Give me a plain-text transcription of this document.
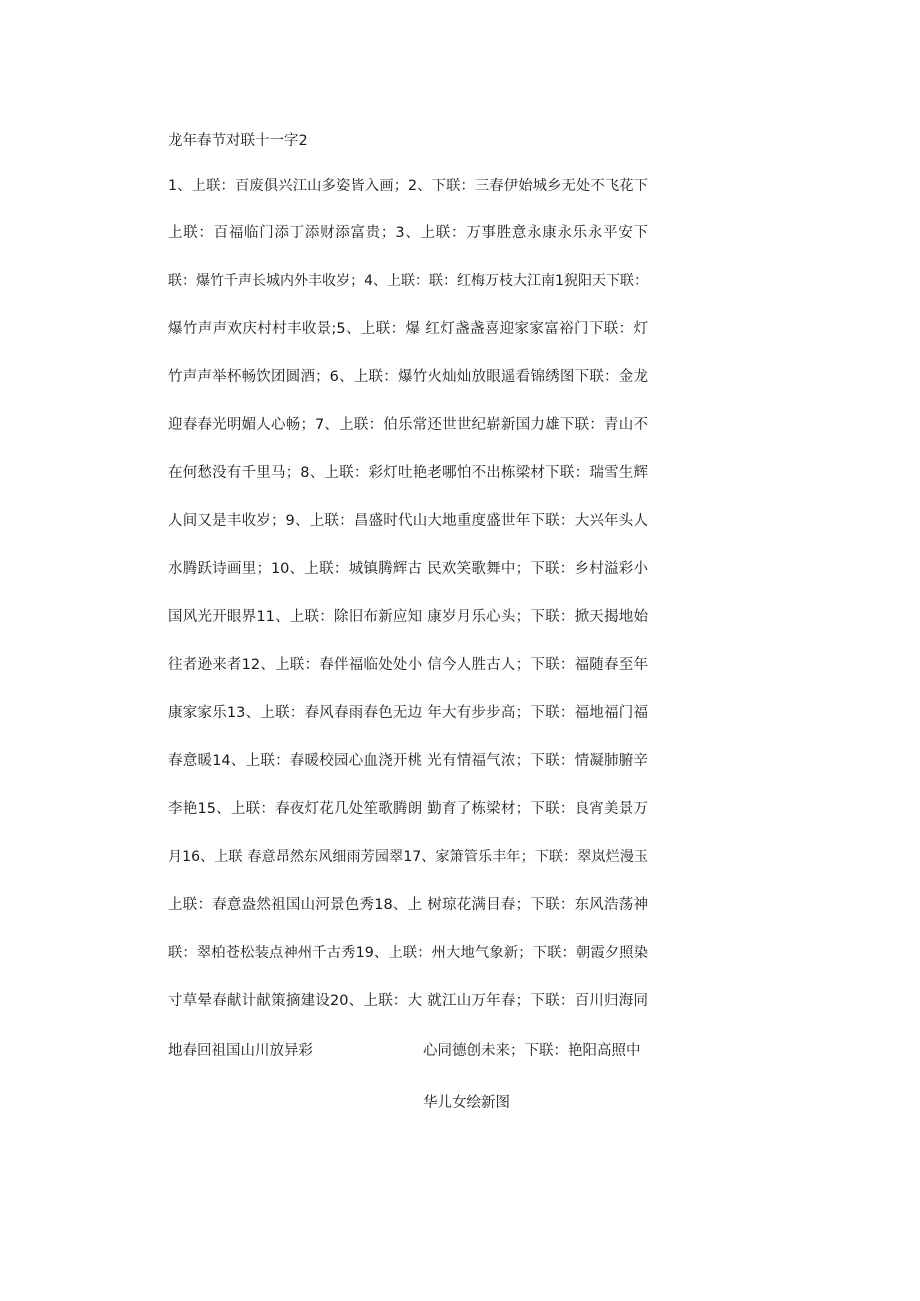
龙年春节对联十一字2
1、上联：百废俱兴江山多姿皆入画；2、下联：三春伊始城乡无处不飞花下
上联：百福临门添丁添财添富贵；3、上联：万事胜意永康永乐永平安下
联：爆竹千声长城内外丰收岁；4、上联：联：红梅万枝大江南1猊阳天下联：
爆竹声声欢庆村村丰收景;5、上联：爆 红灯盏盏喜迎家家富裕门下联：灯
竹声声举杯畅饮团圆酒；6、上联：爆竹火灿灿放眼遥看锦绣图下联：金龙
迎春春光明媚人心畅；7、上联：伯乐常还世世纪崭新国力雄下联：青山不
在何愁没有千里马；8、上联：彩灯吐艳老哪怕不出栋梁材下联：瑞雪生辉
人间又是丰收岁；9、上联：昌盛时代山大地重度盛世年下联：大兴年头人
水腾跃诗画里；10、上联：城镇腾辉古 民欢笑歌舞中；下联：乡村溢彩小
国风光开眼界11、上联：除旧布新应知 康岁月乐心头；下联：掀天揭地始
往者逊来者12、上联：春伴福临处处小 信今人胜古人；下联：福随春至年
康家家乐13、上联：春风春雨春色无边 年大有步步高；下联：福地福门福
春意暖14、上联：春暖校园心血浇开桃 光有情福气浓；下联：情凝肺腑辛
李艳15、上联：春夜灯花几处笙歌腾朗 勤育了栋梁材；下联：良宵美景万
月16、上联 春意昂然东风细雨芳园翠17、家箫管乐丰年；下联：翠岚烂漫玉
上联：春意盎然祖国山河景色秀18、上 树琼花满目春；下联：东风浩荡神
联：翠柏苍松装点神州千古秀19、上联：州大地气象新；下联：朝霞夕照染
寸草晕春献计献策摘建设20、上联：大 就江山万年春；下联：百川归海同
地春回祖国山川放异彩	心同德创未来；下联：艳阳高照中
华儿女绘新图
